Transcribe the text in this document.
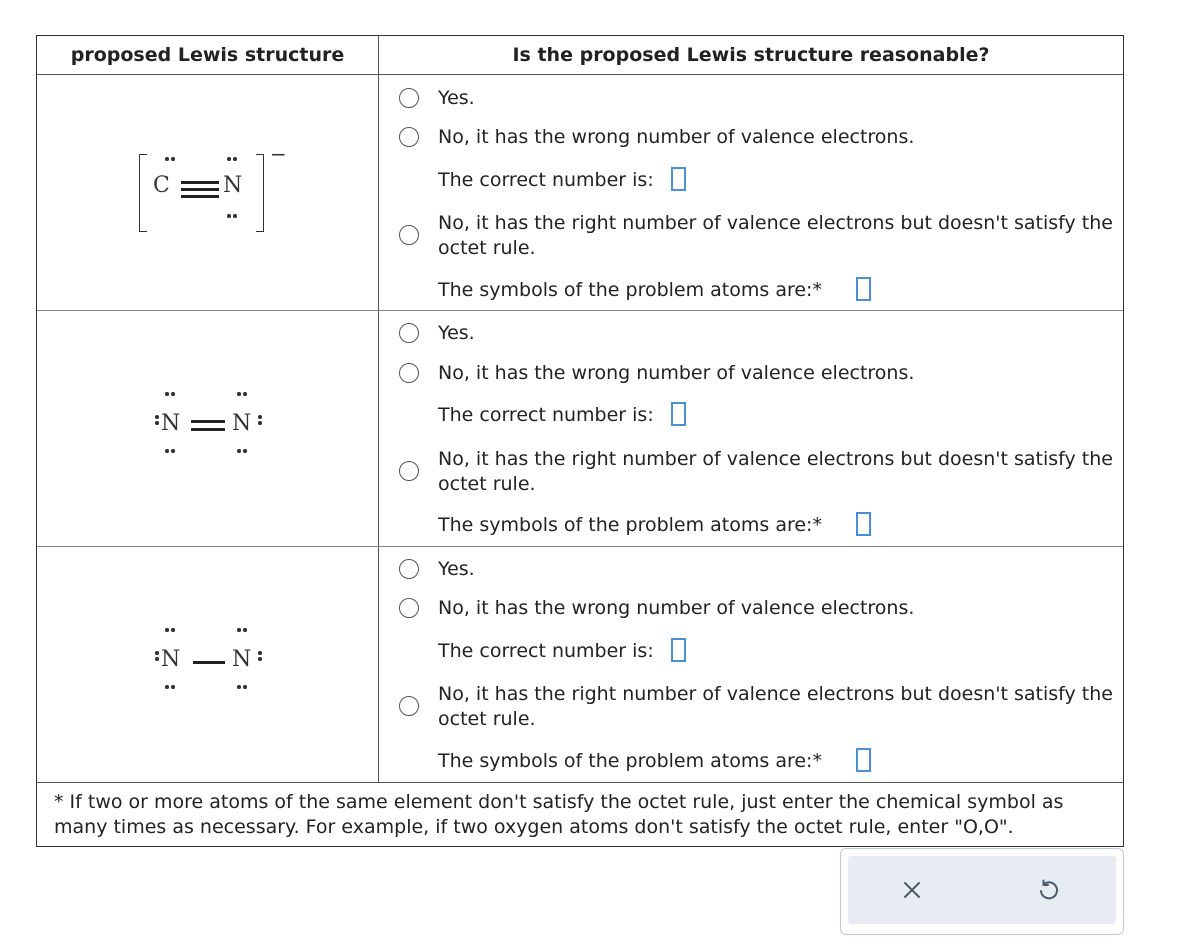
proposed Lewis structure	Is the proposed Lewis structure reasonable?
−
C N
Yes.
No, it has the wrong number of valence electrons.
The correct number is:
No, it has the right number of valence electrons but doesn't satisfy the octet rule.
The symbols of the problem atoms are:*
N N
Yes.
No, it has the wrong number of valence electrons.
The correct number is:
No, it has the right number of valence electrons but doesn't satisfy the octet rule.
The symbols of the problem atoms are:*
N N
Yes.
No, it has the wrong number of valence electrons.
The correct number is:
No, it has the right number of valence electrons but doesn't satisfy the octet rule.
The symbols of the problem atoms are:*
* If two or more atoms of the same element don't satisfy the octet rule, just enter the chemical symbol as many times as necessary. For example, if two oxygen atoms don't satisfy the octet rule, enter "O,O".
